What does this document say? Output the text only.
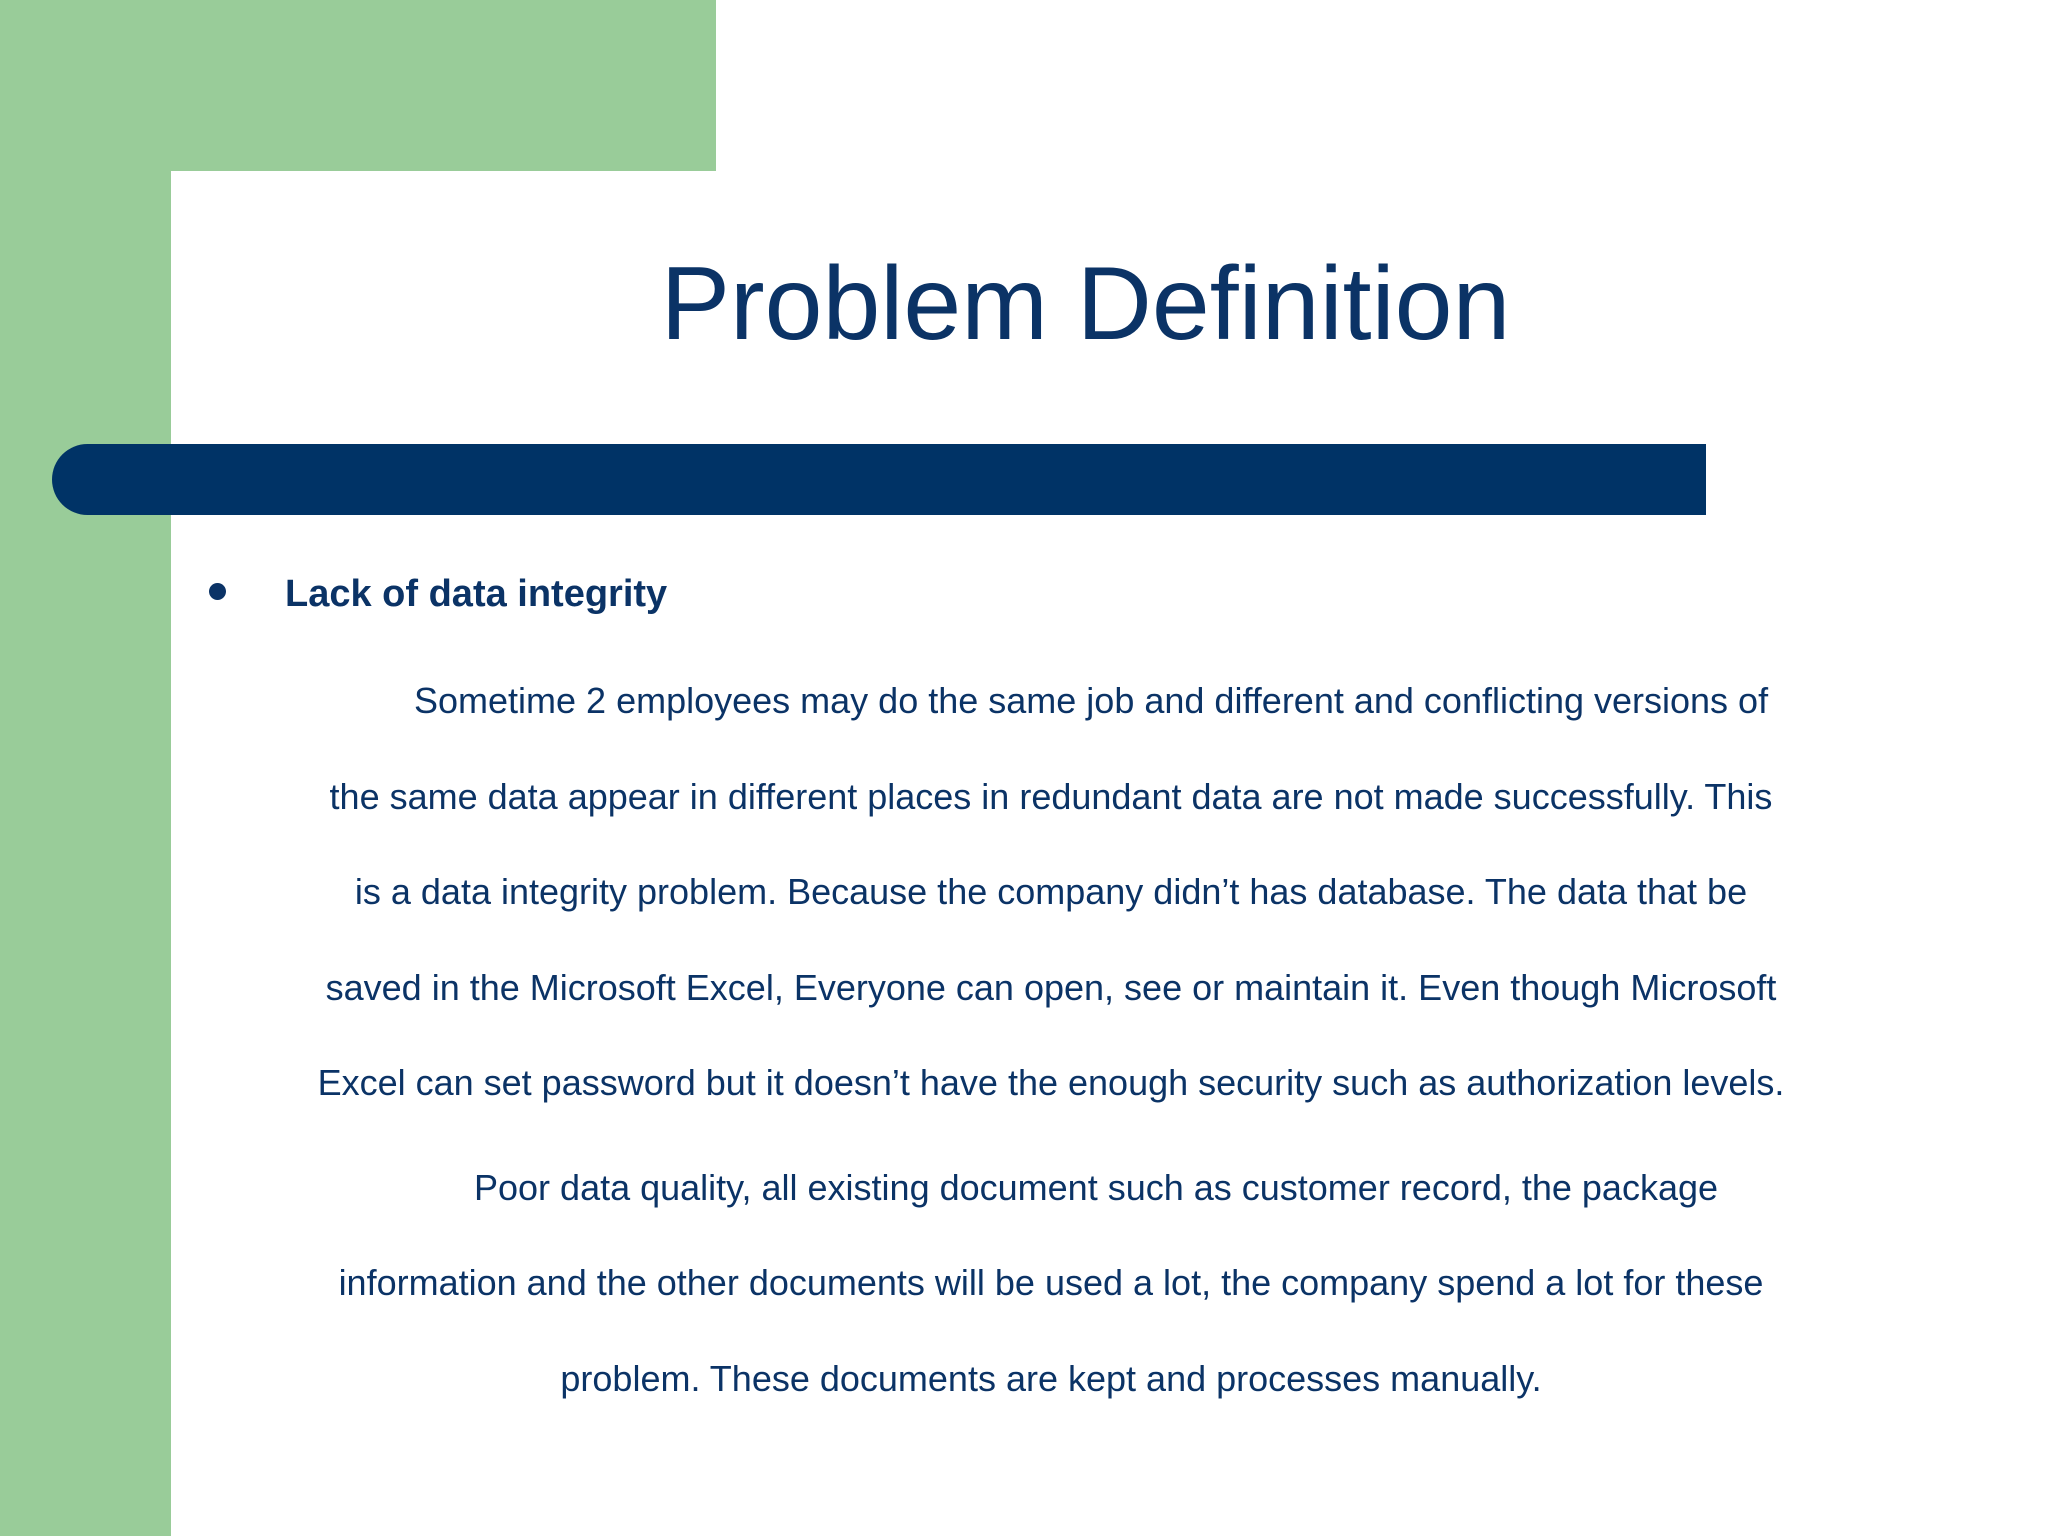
Problem Definition
Lack of data integrity
Sometime 2 employees may do the same job and different and conflicting versions of
the same data appear in different places in redundant data are not made successfully. This
is a data integrity problem. Because the company didn’t has database. The data that be
saved in the Microsoft Excel, Everyone can open, see or maintain it. Even though Microsoft
Excel can set password but it doesn’t have the enough security such as authorization levels.
Poor data quality, all existing document such as customer record, the package
information and the other documents will be used a lot, the company spend a lot for these
problem. These documents are kept and processes manually.
